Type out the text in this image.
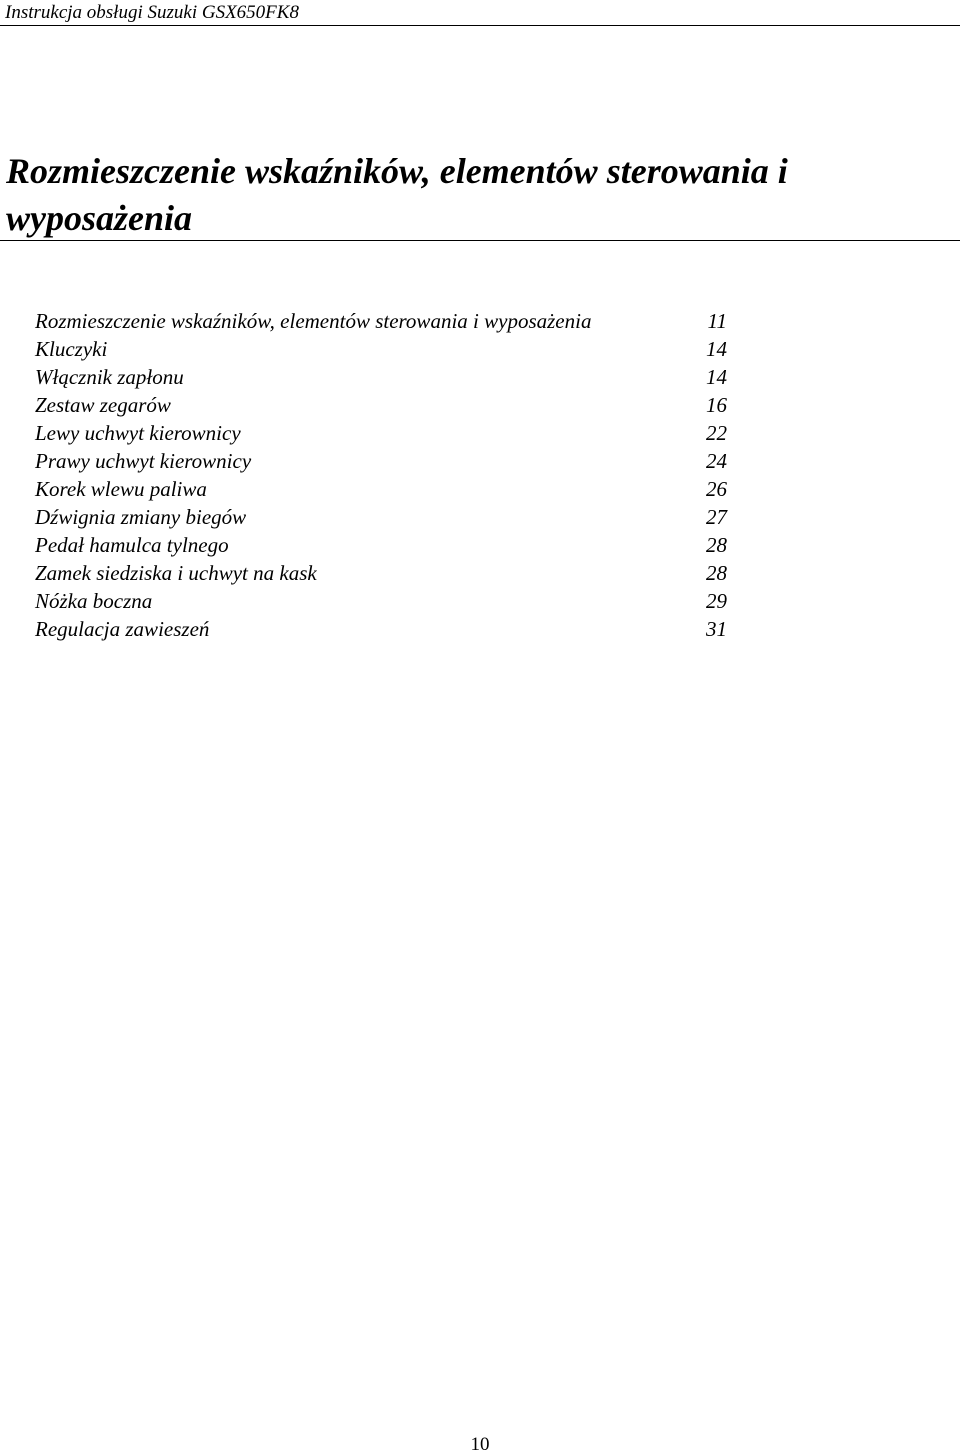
Instrukcja obsługi Suzuki GSX650FK8
Rozmieszczenie wskaźników, elementów sterowania i wyposażenia
Rozmieszczenie wskaźników, elementów sterowania i wyposażenia	11
Kluczyki	14
Włącznik zapłonu	14
Zestaw zegarów	16
Lewy uchwyt kierownicy	22
Prawy uchwyt kierownicy	24
Korek wlewu paliwa	26
Dźwignia zmiany biegów	27
Pedał hamulca tylnego	28
Zamek siedziska i uchwyt na kask	28
Nóżka boczna	29
Regulacja zawieszeń	31
10
